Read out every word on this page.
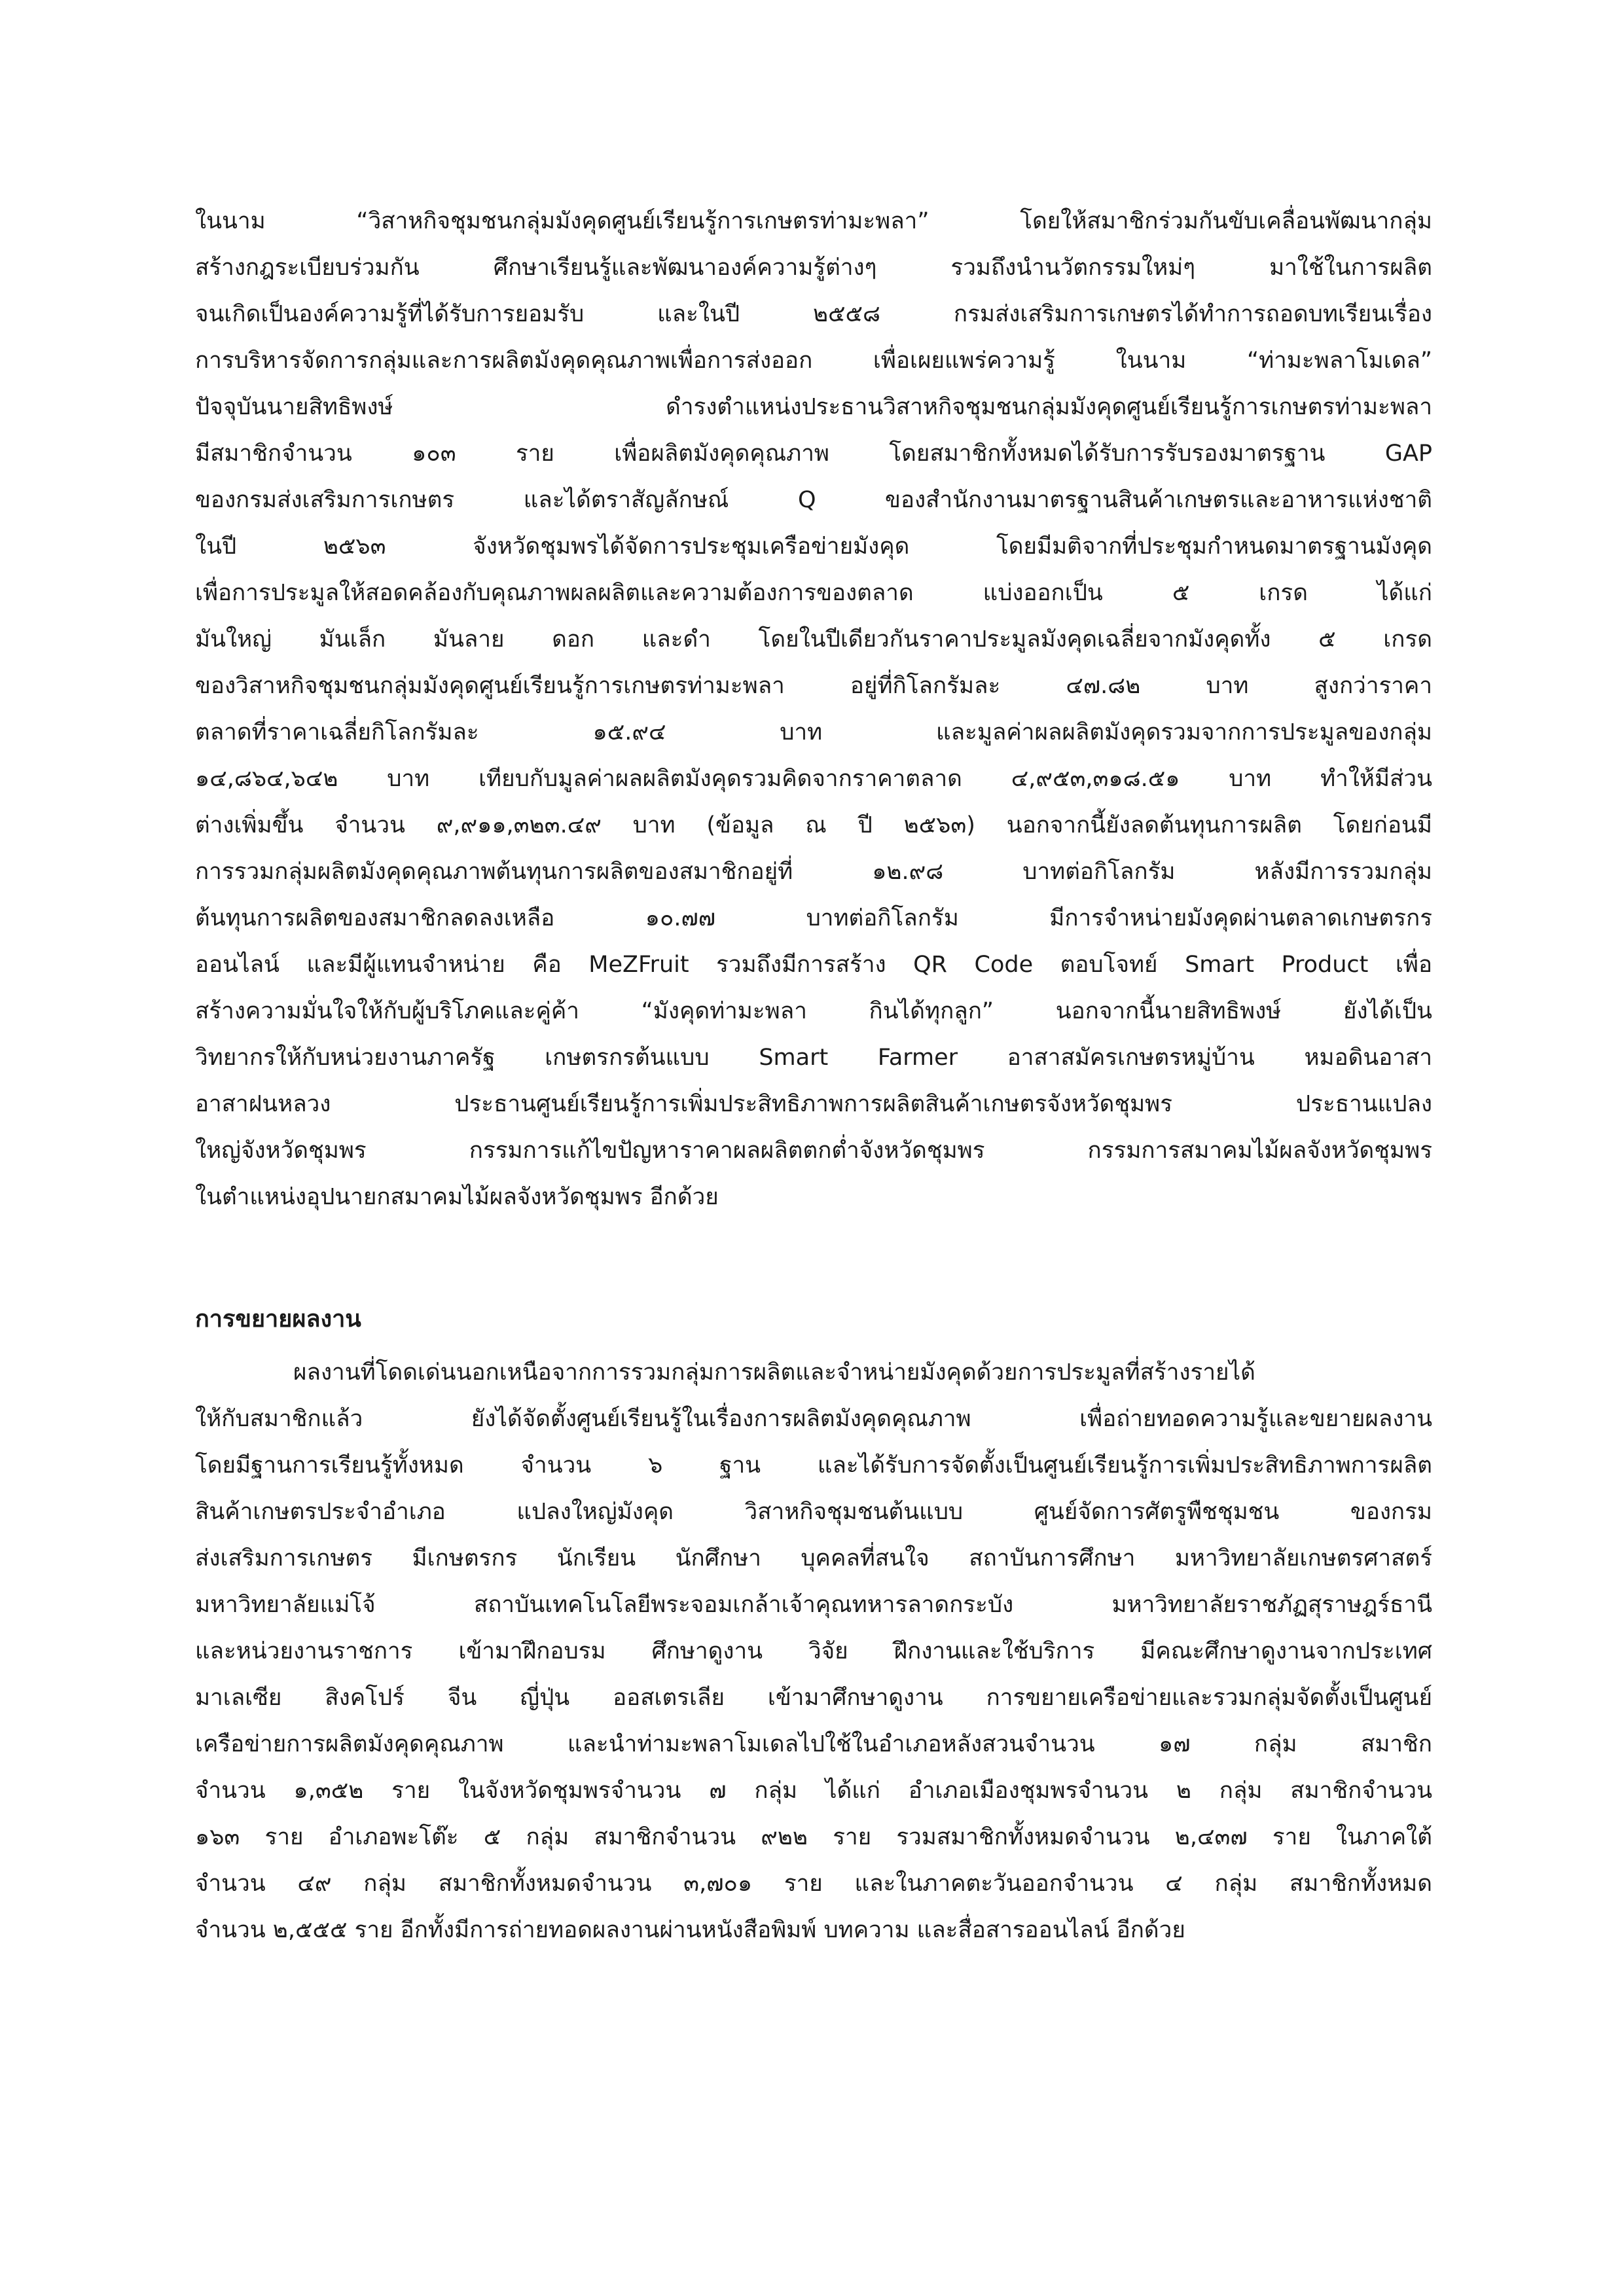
ในนาม “วิสาหกิจชุมชนกลุ่มมังคุดศูนย์เรียนรู้การเกษตรท่ามะพลา” โดยให้สมาชิกร่วมกันขับเคลื่อนพัฒนากลุ่ม
สร้างกฎระเบียบร่วมกัน ศึกษาเรียนรู้และพัฒนาองค์ความรู้ต่างๆ รวมถึงนำนวัตกรรมใหม่ๆ มาใช้ในการผลิต
จนเกิดเป็นองค์ความรู้ที่ได้รับการยอมรับ และในปี ๒๕๕๘ กรมส่งเสริมการเกษตรได้ทำการถอดบทเรียนเรื่อง
การบริหารจัดการกลุ่มและการผลิตมังคุดคุณภาพเพื่อการส่งออก เพื่อเผยแพร่ความรู้ ในนาม “ท่ามะพลาโมเดล”
ปัจจุบันนายสิทธิพงษ์ ดำรงตำแหน่งประธานวิสาหกิจชุมชนกลุ่มมังคุดศูนย์เรียนรู้การเกษตรท่ามะพลา
มีสมาชิกจำนวน ๑๐๓ ราย เพื่อผลิตมังคุดคุณภาพ โดยสมาชิกทั้งหมดได้รับการรับรองมาตรฐาน GAP
ของกรมส่งเสริมการเกษตร และได้ตราสัญลักษณ์ Q ของสำนักงานมาตรฐานสินค้าเกษตรและอาหารแห่งชาติ
ในปี ๒๕๖๓ จังหวัดชุมพรได้จัดการประชุมเครือข่ายมังคุด โดยมีมติจากที่ประชุมกำหนดมาตรฐานมังคุด
เพื่อการประมูลให้สอดคล้องกับคุณภาพผลผลิตและความต้องการของตลาด แบ่งออกเป็น ๕ เกรด ได้แก่
มันใหญ่ มันเล็ก มันลาย ดอก และดำ โดยในปีเดียวกันราคาประมูลมังคุดเฉลี่ยจากมังคุดทั้ง ๕ เกรด
ของวิสาหกิจชุมชนกลุ่มมังคุดศูนย์เรียนรู้การเกษตรท่ามะพลา อยู่ที่กิโลกรัมละ ๔๗.๘๒ บาท สูงกว่าราคา
ตลาดที่ราคาเฉลี่ยกิโลกรัมละ ๑๕.๙๔ บาท และมูลค่าผลผลิตมังคุดรวมจากการประมูลของกลุ่ม
๑๔,๘๖๔,๖๔๒ บาท เทียบกับมูลค่าผลผลิตมังคุดรวมคิดจากราคาตลาด ๔,๙๕๓,๓๑๘.๕๑ บาท ทำให้มีส่วน
ต่างเพิ่มขึ้น จำนวน ๙,๙๑๑,๓๒๓.๔๙ บาท (ข้อมูล ณ ปี ๒๕๖๓) นอกจากนี้ยังลดต้นทุนการผลิต โดยก่อนมี
การรวมกลุ่มผลิตมังคุดคุณภาพต้นทุนการผลิตของสมาชิกอยู่ที่ ๑๒.๙๘ บาทต่อกิโลกรัม หลังมีการรวมกลุ่ม
ต้นทุนการผลิตของสมาชิกลดลงเหลือ ๑๐.๗๗ บาทต่อกิโลกรัม มีการจำหน่ายมังคุดผ่านตลาดเกษตรกร
ออนไลน์ และมีผู้แทนจำหน่าย คือ MeZFruit รวมถึงมีการสร้าง QR Code ตอบโจทย์ Smart Product เพื่อ
สร้างความมั่นใจให้กับผู้บริโภคและคู่ค้า “มังคุดท่ามะพลา กินได้ทุกลูก” นอกจากนี้นายสิทธิพงษ์ ยังได้เป็น
วิทยากรให้กับหน่วยงานภาครัฐ เกษตรกรต้นแบบ Smart Farmer อาสาสมัครเกษตรหมู่บ้าน หมอดินอาสา
อาสาฝนหลวง ประธานศูนย์เรียนรู้การเพิ่มประสิทธิภาพการผลิตสินค้าเกษตรจังหวัดชุมพร ประธานแปลง
ใหญ่จังหวัดชุมพร กรรมการแก้ไขปัญหาราคาผลผลิตตกต่ำจังหวัดชุมพร กรรมการสมาคมไม้ผลจังหวัดชุมพร
ในตำแหน่งอุปนายกสมาคมไม้ผลจังหวัดชุมพร อีกด้วย
การขยายผลงาน
ผลงานที่โดดเด่นนอกเหนือจากการรวมกลุ่มการผลิตและจำหน่ายมังคุดด้วยการประมูลที่สร้างรายได้
ให้กับสมาชิกแล้ว ยังได้จัดตั้งศูนย์เรียนรู้ในเรื่องการผลิตมังคุดคุณภาพ เพื่อถ่ายทอดความรู้และขยายผลงาน
โดยมีฐานการเรียนรู้ทั้งหมด จำนวน ๖ ฐาน และได้รับการจัดตั้งเป็นศูนย์เรียนรู้การเพิ่มประสิทธิภาพการผลิต
สินค้าเกษตรประจำอำเภอ แปลงใหญ่มังคุด วิสาหกิจชุมชนต้นแบบ ศูนย์จัดการศัตรูพืชชุมชน ของกรม
ส่งเสริมการเกษตร มีเกษตรกร นักเรียน นักศึกษา บุคคลที่สนใจ สถาบันการศึกษา มหาวิทยาลัยเกษตรศาสตร์
มหาวิทยาลัยแม่โจ้ สถาบันเทคโนโลยีพระจอมเกล้าเจ้าคุณทหารลาดกระบัง มหาวิทยาลัยราชภัฏสุราษฎร์ธานี
และหน่วยงานราชการ เข้ามาฝึกอบรม ศึกษาดูงาน วิจัย ฝึกงานและใช้บริการ มีคณะศึกษาดูงานจากประเทศ
มาเลเซีย สิงคโปร์ จีน ญี่ปุ่น ออสเตรเลีย เข้ามาศึกษาดูงาน การขยายเครือข่ายและรวมกลุ่มจัดตั้งเป็นศูนย์
เครือข่ายการผลิตมังคุดคุณภาพ และนำท่ามะพลาโมเดลไปใช้ในอำเภอหลังสวนจำนวน ๑๗ กลุ่ม สมาชิก
จำนวน ๑,๓๕๒ ราย ในจังหวัดชุมพรจำนวน ๗ กลุ่ม ได้แก่ อำเภอเมืองชุมพรจำนวน ๒ กลุ่ม สมาชิกจำนวน
๑๖๓ ราย อำเภอพะโต๊ะ ๕ กลุ่ม สมาชิกจำนวน ๙๒๒ ราย รวมสมาชิกทั้งหมดจำนวน ๒,๔๓๗ ราย ในภาคใต้
จำนวน ๔๙ กลุ่ม สมาชิกทั้งหมดจำนวน ๓,๗๐๑ ราย และในภาคตะวันออกจำนวน ๔ กลุ่ม สมาชิกทั้งหมด
จำนวน ๒,๕๕๕ ราย อีกทั้งมีการถ่ายทอดผลงานผ่านหนังสือพิมพ์ บทความ และสื่อสารออนไลน์ อีกด้วย
